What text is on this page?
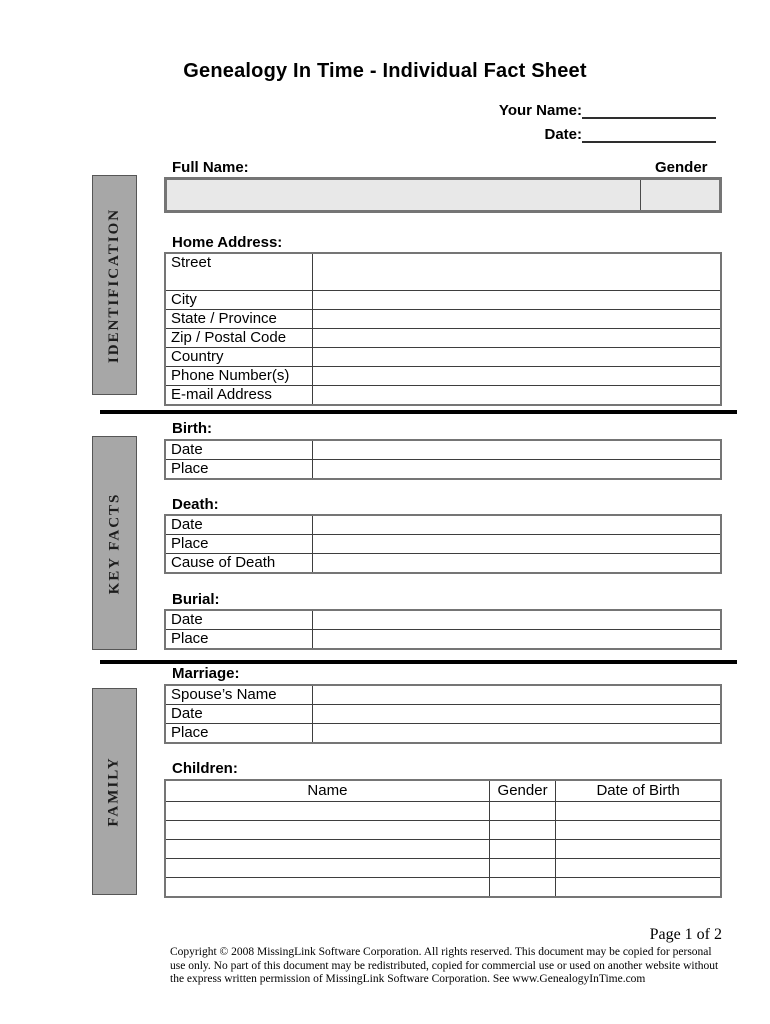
Genealogy In Time - Individual Fact Sheet
Your Name:
Date:
IDENTIFICATION
KEY FACTS
FAMILY
Full Name:	Gender

Home Address:
Street	
City	
State / Province	
Zip / Postal Code	
Country	
Phone Number(s)	
E-mail Address	
Birth:
Date	
Place	
Death:
Date	
Place	
Cause of Death	
Burial:
Date	
Place	
Marriage:
Spouse’s Name	
Date	
Place	
Children:
Name	Gender	Date of Birth

Page 1 of 2
Copyright © 2008 MissingLink Software Corporation. All rights reserved. This document may be copied for personal use only. No part of this document may be redistributed, copied for commercial use or used on another website without the express written permission of MissingLink Software Corporation. See www.GenealogyInTime.com
